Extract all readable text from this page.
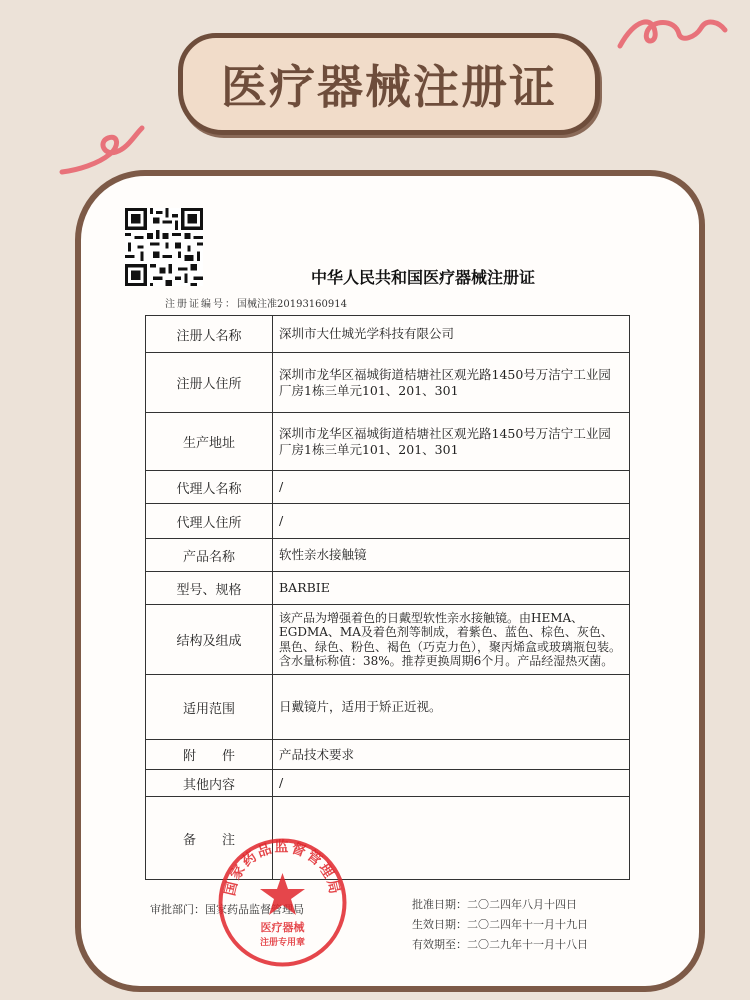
医疗器械注册证
中华人民共和国医疗器械注册证
注册证编号：国械注准20193160914
注册人名称	深圳市大仕城光学科技有限公司
注册人住所	深圳市龙华区福城街道桔塘社区观光路1450号万洁宁工业园厂房1栋三单元101、201、301
生产地址	深圳市龙华区福城街道桔塘社区观光路1450号万洁宁工业园厂房1栋三单元101、201、301
代理人名称	/
代理人住所	/
产品名称	软性亲水接触镜
型号、规格	BARBIE
结构及组成	该产品为增强着色的日戴型软性亲水接触镜。由HEMA、EGDMA、MA及着色剂等制成，着紫色、蓝色、棕色、灰色、黑色、绿色、粉色、褐色（巧克力色），聚丙烯盒或玻璃瓶包装。含水量标称值：38%。推荐更换周期6个月。产品经湿热灭菌。
适用范围	日戴镜片，适用于矫正近视。
附　　件	产品技术要求
其他内容	/
备　　注	
审批部门：国家药品监督管理局	批准日期：二〇二四年八月十四日
生效日期：二〇二四年十一月十九日
有效期至：二〇二九年十一月十八日
国家药品监督管理局
医疗器械
注册专用章
